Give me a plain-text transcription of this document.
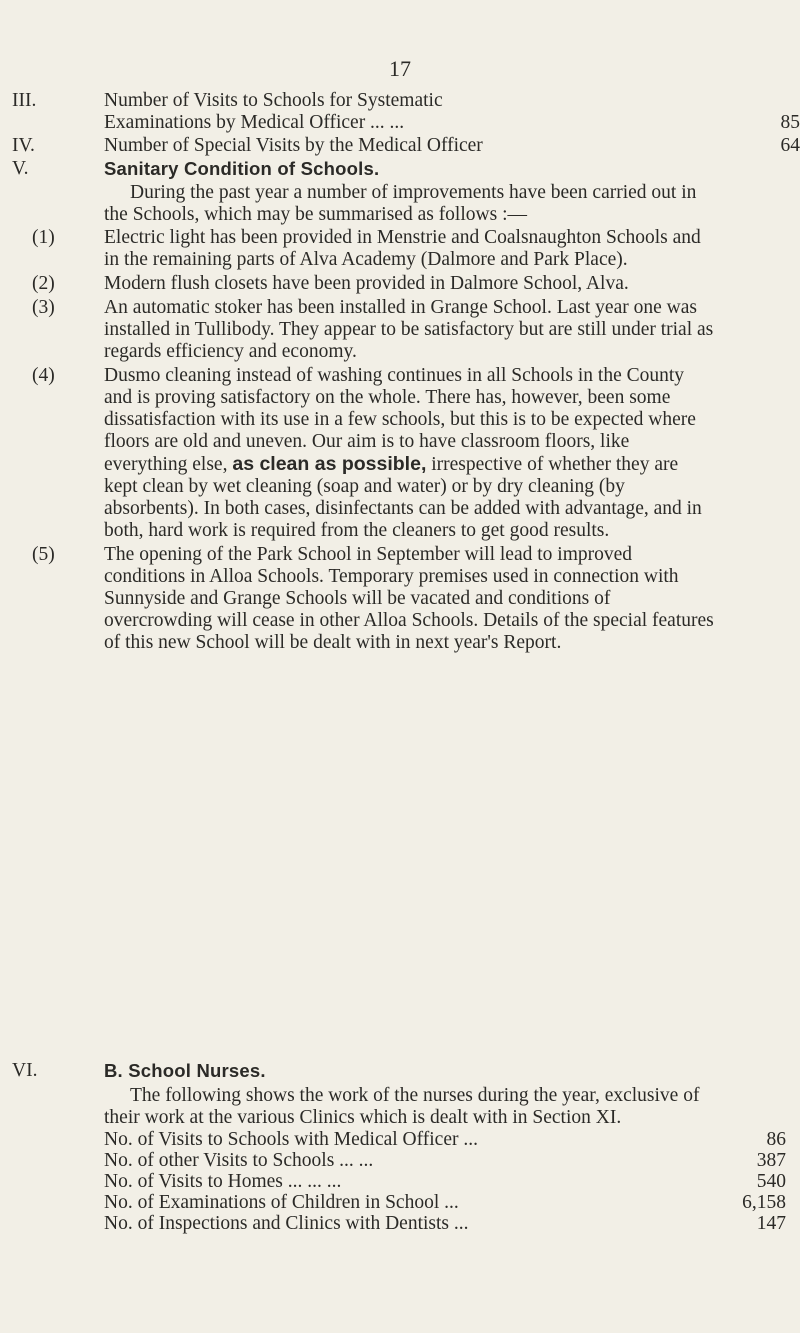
17
III.	Number of Visits to Schools for Systematic
Examinations by Medical Officer ... ...	85
IV.	Number of Special Visits by the Medical Officer	64
V.	Sanitary Condition of Schools.

During the past year a number of improvements have been carried out in the Schools, which may be summarised as follows :—

(1)	Electric light has been provided in Menstrie and Coalsnaughton Schools and in the remaining parts of Alva Academy (Dalmore and Park Place).
(2)	Modern flush closets have been provided in Dalmore School, Alva.
(3)	An automatic stoker has been installed in Grange School. Last year one was installed in Tullibody. They appear to be satisfactory but are still under trial as regards efficiency and economy.
(4)	Dusmo cleaning instead of washing continues in all Schools in the County and is proving satisfactory on the whole. There has, however, been some dissatisfaction with its use in a few schools, but this is to be expected where floors are old and uneven. Our aim is to have classroom floors, like everything else, as clean as possible, irrespective of whether they are kept clean by wet cleaning (soap and water) or by dry cleaning (by absorbents). In both cases, disinfectants can be added with advantage, and in both, hard work is required from the cleaners to get good results.
(5)	The opening of the Park School in September will lead to improved conditions in Alloa Schools. Temporary premises used in connection with Sunnyside and Grange Schools will be vacated and conditions of overcrowding will cease in other Alloa Schools. Details of the special features of this new School will be dealt with in next year's Report.
VI.	B. School Nurses.

The following shows the work of the nurses during the year, exclusive of their work at the various Clinics which is dealt with in Section XI.

No. of Visits to Schools with Medical Officer ...	86
No. of other Visits to Schools ... ...	387
No. of Visits to Homes ... ... ...	540
No. of Examinations of Children in School ...	6,158
No. of Inspections and Clinics with Dentists ...	147
